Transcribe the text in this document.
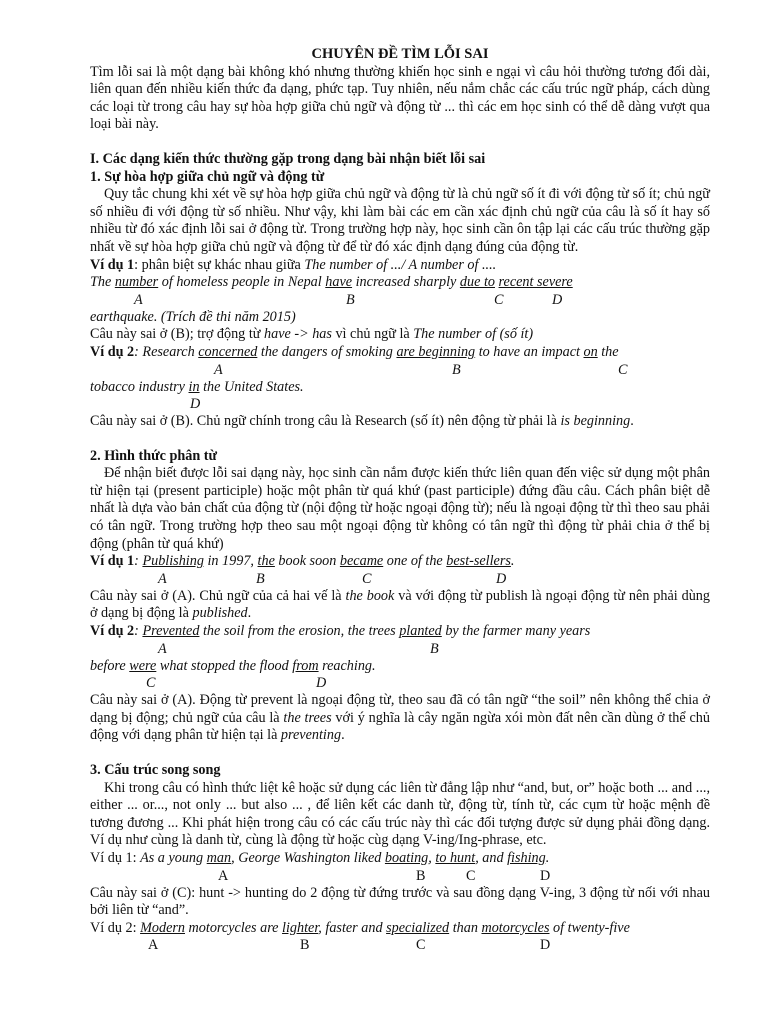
CHUYÊN ĐỀ TÌM LỖI SAI

Tìm lỗi sai là một dạng bài không khó nhưng thường khiến học sinh e ngại vì câu hỏi thường tương đối dài, liên quan đến nhiều kiến thức đa dạng, phức tạp. Tuy nhiên, nếu nắm chắc các cấu trúc ngữ pháp, cách dùng các loại từ trong câu hay sự hòa hợp giữa chủ ngữ và động từ ... thì các em học sinh có thể dễ dàng vượt qua loại bài này.

I. Các dạng kiến thức thường gặp trong dạng bài nhận biết lỗi sai
1. Sự hòa hợp giữa chủ ngữ và động từ

Quy tắc chung khi xét về sự hòa hợp giữa chủ ngữ và động từ là chủ ngữ số ít đi với động từ số ít; chủ ngữ số nhiều đi với động từ số nhiều. Như vậy, khi làm bài các em cần xác định chủ ngữ của câu là số ít hay số nhiều từ đó xác định lỗi sai ở động từ. Trong trường hợp này, học sinh cần ôn tập lại các cấu trúc thường gặp nhất về sự hòa hợp giữa chủ ngữ và động từ để từ đó xác định dạng đúng của động từ.

Ví dụ 1: phân biệt sự khác nhau giữa The number of .../ A number of ....

The number of homeless people in Nepal have increased sharply due to recent severe

A	B	C	D

earthquake. (Trích đề thi năm 2015)

Câu này sai ở (B); trợ động từ have -> has vì chủ ngữ là The number of (số ít)

Ví dụ 2: Research concerned the dangers of smoking are beginning to have an impact on the

A	B	C

tobacco industry in the United States.

D

Câu này sai ở (B). Chủ ngữ chính trong câu là Research (số ít) nên động từ phải là is beginning.

2. Hình thức phân từ

Để nhận biết được lỗi sai dạng này, học sinh cần nắm được kiến thức liên quan đến việc sử dụng một phân từ hiện tại (present participle) hoặc một phân từ quá khứ (past participle) đứng đầu câu. Cách phân biệt dễ nhất là dựa vào bản chất của động từ (nội động từ hoặc ngoại động từ); nếu là ngoại động từ thì theo sau phải có tân ngữ. Trong trường hợp theo sau một ngoại động từ không có tân ngữ thì động từ phải chia ở thể bị động (phân từ quá khứ)

Ví dụ 1: Publishing in 1997, the book soon became one of the best-sellers.

A	B	C	D

Câu này sai ở (A). Chủ ngữ của cả hai vế là the book và với động từ publish là ngoại động từ nên phải dùng ở dạng bị động là published.

Ví dụ 2: Prevented the soil from the erosion, the trees planted by the farmer many years

A	B

before were what stopped the flood from reaching.

C	D

Câu này sai ở (A). Động từ prevent là ngoại động từ, theo sau đã có tân ngữ “the soil” nên không thể chia ở dạng bị động; chủ ngữ của câu là the trees với ý nghĩa là cây ngăn ngừa xói mòn đất nên cần dùng ở thể chủ động với dạng phân từ hiện tại là preventing.

3. Cấu trúc song song

Khi trong câu có hình thức liệt kê hoặc sử dụng các liên từ đẳng lập như “and, but, or” hoặc both ... and ..., either ... or..., not only ... but also ... , để liên kết các danh từ, động từ, tính từ, các cụm từ hoặc mệnh đề tương đương ... Khi phát hiện trong câu có các cấu trúc này thì các đối tượng được sử dụng phải đồng dạng. Ví dụ như cùng là danh từ, cùng là động từ hoặc cùg dạng V-ing/Ing-phrase, etc.

Ví dụ 1: As a young man, George Washington liked boating, to hunt, and fishing.

A	B	C	D

Câu này sai ở (C): hunt -> hunting do 2 động từ đứng trước và sau đồng dạng V-ing, 3 động từ nối với nhau bởi liên từ “and”.

Ví dụ 2: Modern motorcycles are lighter, faster and specialized than motorcycles of twenty-five

A	B	C	D
